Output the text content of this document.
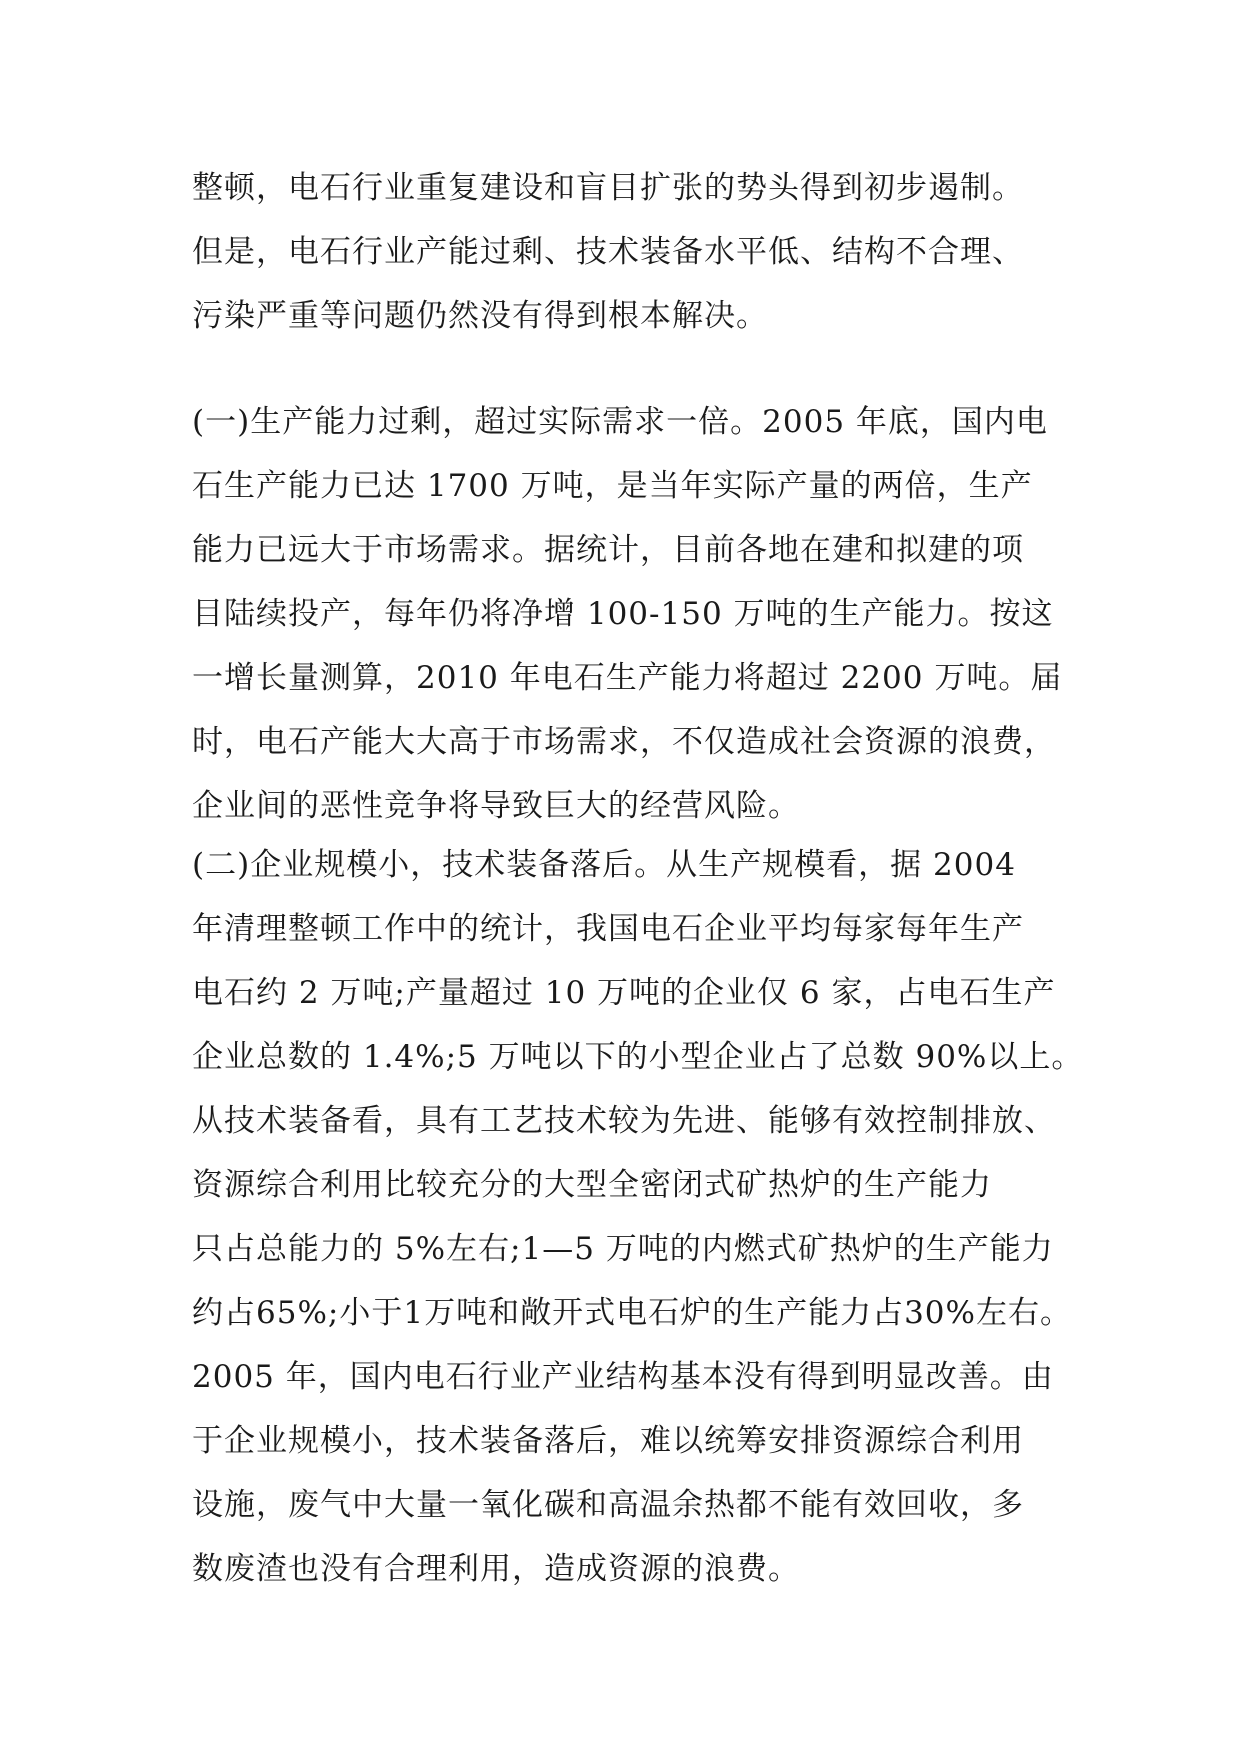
整顿，电石行业重复建设和盲目扩张的势头得到初步遏制。
但是，电石行业产能过剩、技术装备水平低、结构不合理、
污染严重等问题仍然没有得到根本解决。
(一)生产能力过剩，超过实际需求一倍。2005 年底，国内电
石生产能力已达 1700 万吨，是当年实际产量的两倍，生产
能力已远大于市场需求。据统计，目前各地在建和拟建的项
目陆续投产，每年仍将净增 100-150 万吨的生产能力。按这
一增长量测算，2010 年电石生产能力将超过 2200 万吨。届
时，电石产能大大高于市场需求，不仅造成社会资源的浪费，
企业间的恶性竞争将导致巨大的经营风险。
(二)企业规模小，技术装备落后。从生产规模看，据 2004
年清理整顿工作中的统计，我国电石企业平均每家每年生产
电石约 2 万吨;产量超过 10 万吨的企业仅 6 家，占电石生产
企业总数的 1.4%;5 万吨以下的小型企业占了总数 90%以上。
从技术装备看，具有工艺技术较为先进、能够有效控制排放、
资源综合利用比较充分的大型全密闭式矿热炉的生产能力
只占总能力的 5%左右;1—5 万吨的内燃式矿热炉的生产能力
约占65%;小于1万吨和敞开式电石炉的生产能力占30%左右。
2005 年，国内电石行业产业结构基本没有得到明显改善。由
于企业规模小，技术装备落后，难以统筹安排资源综合利用
设施，废气中大量一氧化碳和高温余热都不能有效回收，多
数废渣也没有合理利用，造成资源的浪费。
